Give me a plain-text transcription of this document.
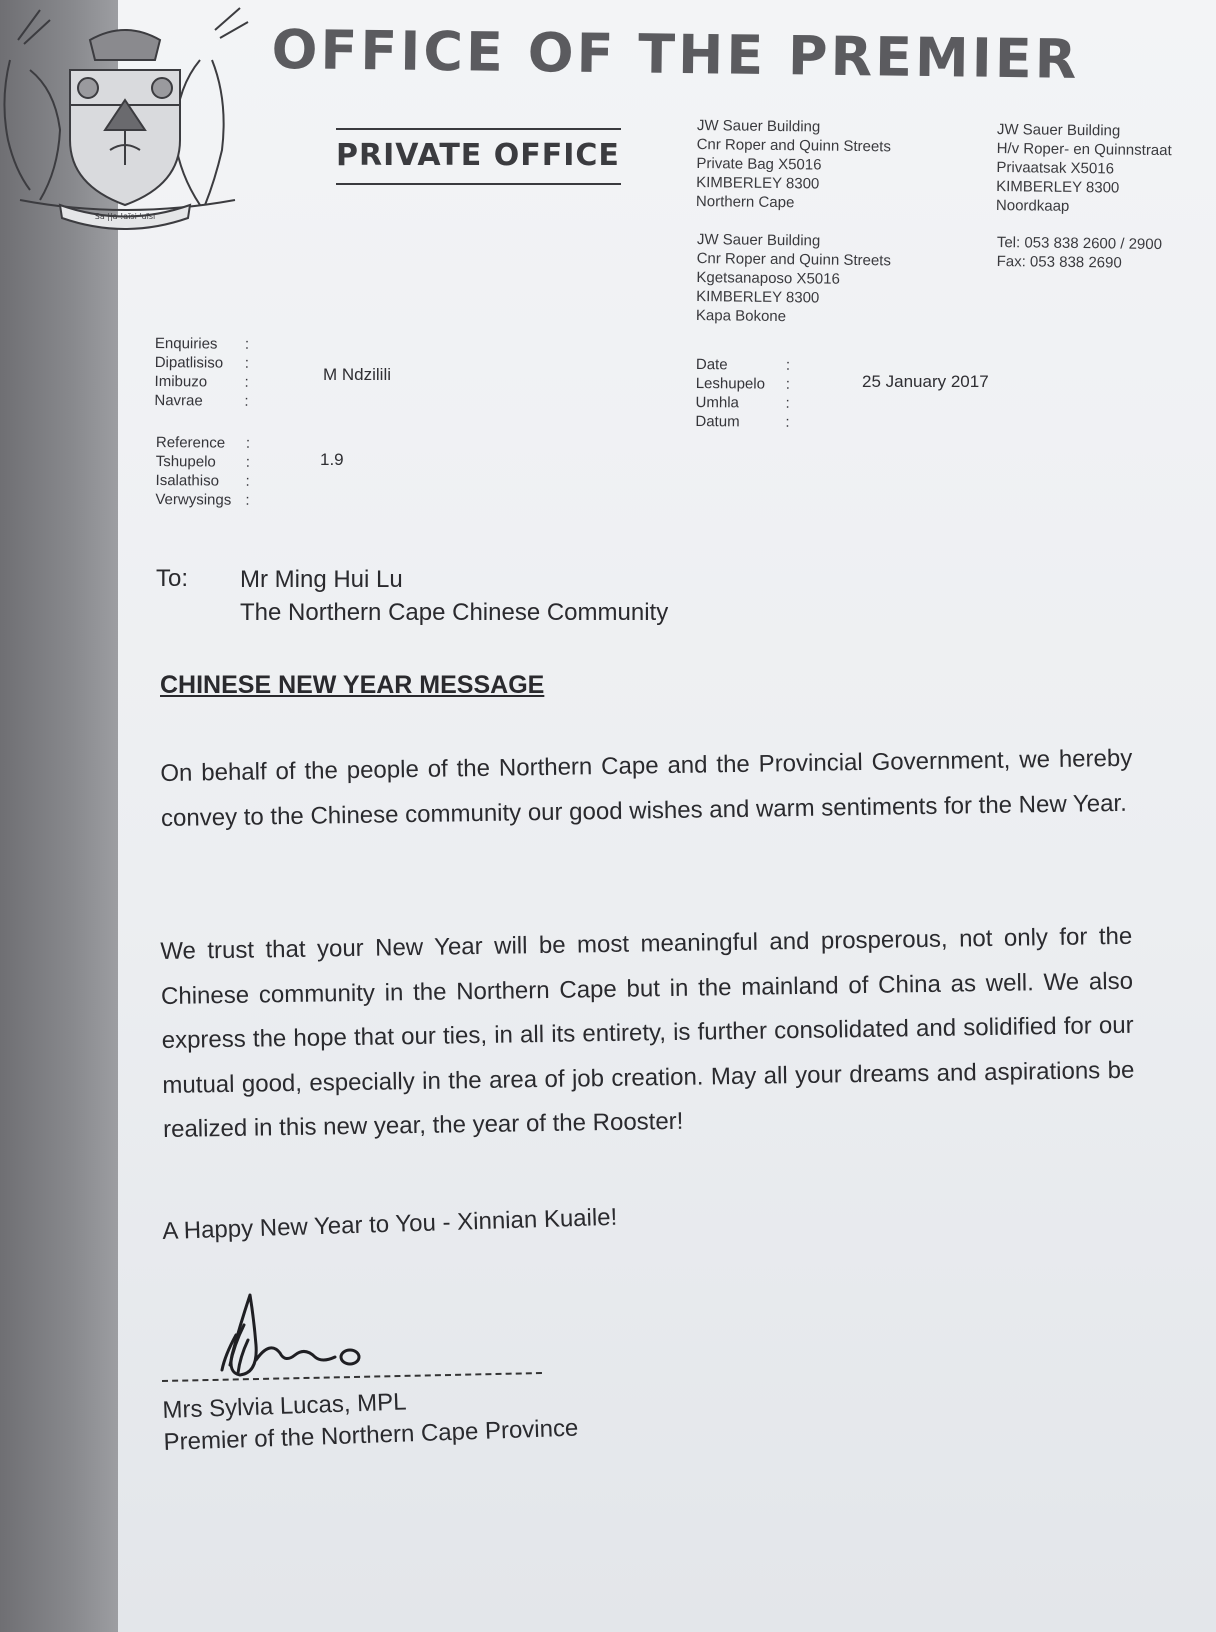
Sa ||a !aĩsi 'uĩsi
OFFICE OF THE PREMIER
PRIVATE OFFICE
JW Sauer Building
Cnr Roper and Quinn Streets
Private Bag X5016
KIMBERLEY 8300
Northern Cape
JW Sauer Building
H/v Roper- en Quinnstraat
Privaatsak X5016
KIMBERLEY 8300
Noordkaap
JW Sauer Building
Cnr Roper and Quinn Streets
Kgetsanaposo X5016
KIMBERLEY 8300
Kapa Bokone
Tel: 053 838 2600 / 2900
Fax: 053 838 2690
Enquiries	:
Dipatlisiso	:
Imibuzo	:
Navrae	:
M Ndzilili
Reference	:
Tshupelo	:
Isalathiso	:
Verwysings :
1.9
Date	:
Leshupelo	:
Umhla	:
Datum	:
25 January 2017
To: Mr Ming Hui Lu
The Northern Cape Chinese Community
CHINESE NEW YEAR MESSAGE

On behalf of the people of the Northern Cape and the Provincial Government, we hereby convey to the Chinese community our good wishes and warm sentiments for the New Year.

We trust that your New Year will be most meaningful and prosperous, not only for the Chinese community in the Northern Cape but in the mainland of China as well. We also express the hope that our ties, in all its entirety, is further consolidated and solidified for our mutual good, especially in the area of job creation. May all your dreams and aspirations be realized in this new year, the year of the Rooster!

A Happy New Year to You - Xinnian Kuaile!
Mrs Sylvia Lucas, MPL
Premier of the Northern Cape Province
